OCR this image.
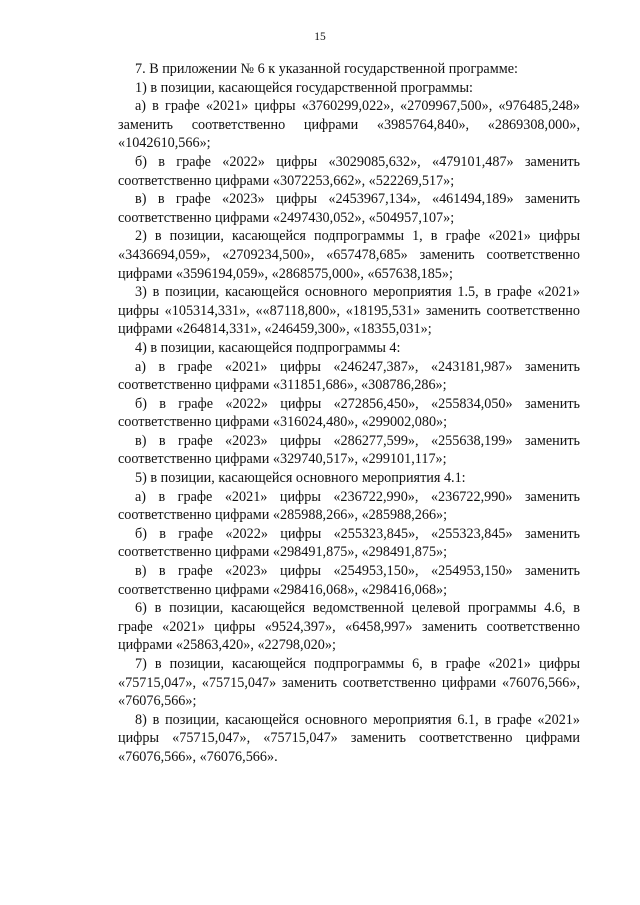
15

7. В приложении № 6 к указанной государственной программе:

1) в позиции, касающейся государственной программы:

а) в графе «2021» цифры «3760299,022», «2709967,500», «976485,248» заменить соответственно цифрами «3985764,840», «2869308,000», «1042610,566»;

б) в графе «2022» цифры «3029085,632», «479101,487» заменить соответственно цифрами «3072253,662», «522269,517»;

в) в графе «2023» цифры «2453967,134», «461494,189» заменить соответственно цифрами «2497430,052», «504957,107»;

2) в позиции, касающейся подпрограммы 1, в графе «2021» цифры «3436694,059», «2709234,500», «657478,685» заменить соответственно цифрами «3596194,059», «2868575,000», «657638,185»;

3) в позиции, касающейся основного мероприятия 1.5, в графе «2021» цифры «105314,331», ««87118,800», «18195,531» заменить соответственно цифрами «264814,331», «246459,300», «18355,031»;

4) в позиции, касающейся подпрограммы 4:

а) в графе «2021» цифры «246247,387», «243181,987» заменить соответственно цифрами «311851,686», «308786,286»;

б) в графе «2022» цифры «272856,450», «255834,050» заменить соответственно цифрами «316024,480», «299002,080»;

в) в графе «2023» цифры «286277,599», «255638,199» заменить соответственно цифрами «329740,517», «299101,117»;

5) в позиции, касающейся основного мероприятия 4.1:

а) в графе «2021» цифры «236722,990», «236722,990» заменить соответственно цифрами «285988,266», «285988,266»;

б) в графе «2022» цифры «255323,845», «255323,845» заменить соответственно цифрами «298491,875», «298491,875»;

в) в графе «2023» цифры «254953,150», «254953,150» заменить соответственно цифрами «298416,068», «298416,068»;

6) в позиции, касающейся ведомственной целевой программы 4.6, в графе «2021» цифры «9524,397», «6458,997» заменить соответственно цифрами «25863,420», «22798,020»;

7) в позиции, касающейся подпрограммы 6, в графе «2021» цифры «75715,047», «75715,047» заменить соответственно цифрами «76076,566», «76076,566»;

8) в позиции, касающейся основного мероприятия 6.1, в графе «2021» цифры «75715,047», «75715,047» заменить соответственно цифрами «76076,566», «76076,566».
